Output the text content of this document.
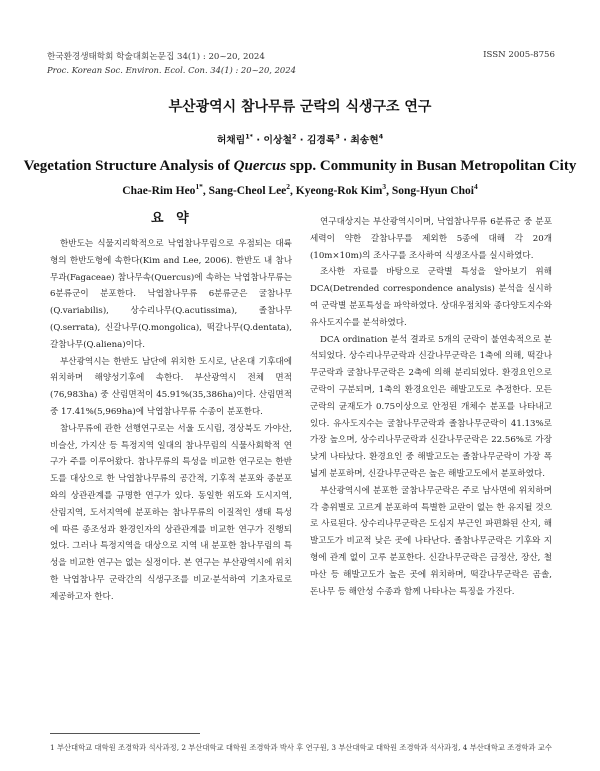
한국환경생태학회 학술대회논문집 34(1) : 20~20, 2024
Proc. Korean Soc. Environ. Ecol. Con. 34(1) : 20~20, 2024
ISSN 2005-8756
부산광역시 참나무류 군락의 식생구조 연구
허채림$^{1*}$ · 이상철$^2$ · 김경록$^3$ · 최송현$^4$
Vegetation Structure Analysis of Quercus spp. Community in Busan Metropolitan City
Chae-Rim Heo$^{1*}$, Sang-Cheol Lee$^2$, Kyeong-Rok Kim$^3$, Song-Hyun Choi$^4$
요 약

한반도는 식물지리학적으로 낙엽참나무림으로 우점되는 대륙형의 한반도형에 속한다(Kim and Lee, 2006). 한반도 내 참나무과(Fagaceae) 참나무속(Quercus)에 속하는 낙엽참나무류는 6분류군이 분포한다. 낙엽참나무류 6분류군은 굴참나무(Q.variabilis), 상수리나무(Q.acutissima), 졸참나무(Q.serrata), 신갈나무(Q.mongolica), 떡갈나무(Q.dentata), 갈참나무(Q.aliena)이다.

부산광역시는 한반도 남단에 위치한 도시로, 난온대 기후대에 위치하며 해양성기후에 속한다. 부산광역시 전체 면적(76,983ha) 중 산림면적이 45.91%(35,386ha)이다. 산림면적 중 17.41%(5,969ha)에 낙엽참나무류 수종이 분포한다.

참나무류에 관한 선행연구로는 서울 도시림, 경상북도 가야산, 비슬산, 가지산 등 특정지역 일대의 참나무림의 식물사회학적 연구가 주를 이루어왔다. 참나무류의 특성을 비교한 연구로는 한반도를 대상으로 한 낙엽참나무류의 공간적, 기후적 분포와 종분포와의 상관관계를 규명한 연구가 있다. 동일한 위도와 도시지역, 산림지역, 도서지역에 분포하는 참나무류의 이질적인 생태 특성에 따른 종조성과 환경인자의 상관관계를 비교한 연구가 진행되었다. 그러나 특정지역을 대상으로 지역 내 분포한 참나무림의 특성을 비교한 연구는 없는 실정이다. 본 연구는 부산광역시에 위치한 낙엽참나무 군락간의 식생구조를 비교·분석하여 기초자료로 제공하고자 한다.

연구대상지는 부산광역시이며, 낙엽참나무류 6분류군 중 분포 세력이 약한 갈참나무를 제외한 5종에 대해 각 20개(10m×10m)의 조사구를 조사하여 식생조사를 실시하였다.

조사한 자료를 바탕으로 군락별 특성을 알아보기 위해 DCA(Detrended correspondence analysis) 분석을 실시하여 군락별 분포특성을 파악하였다. 상대우점치와 종다양도지수와 유사도지수를 분석하였다.

DCA ordination 분석 결과로 5개의 군락이 불연속적으로 분석되었다. 상수리나무군락과 신갈나무군락은 1축에 의해, 떡갈나무군락과 굴참나무군락은 2축에 의해 분리되었다. 환경요인으로 군락이 구분되며, 1축의 환경요인은 해발고도로 추정한다. 모든 군락의 균재도가 0.75이상으로 안정된 개체수 분포를 나타내고 있다. 유사도지수는 굴참나무군락과 졸참나무군락이 41.13%로 가장 높으며, 상수리나무군락과 신갈나무군락은 22.56%로 가장 낮게 나타났다. 환경요인 중 해발고도는 졸참나무군락이 가장 폭넓게 분포하며, 신갈나무군락은 높은 해발고도에서 분포하였다.

부산광역시에 분포한 굴참나무군락은 주로 남사면에 위치하며 각 층위별로 고르게 분포하여 특별한 교란이 없는 한 유지될 것으로 사료된다. 상수리나무군락은 도심지 부근인 파편화된 산지, 해발고도가 비교적 낮은 곳에 나타난다. 졸참나무군락은 기후와 지형에 관계 없이 고루 분포한다. 신갈나무군락은 금정산, 장산, 철마산 등 해발고도가 높은 곳에 위치하며, 떡갈나무군락은 곰솔, 돈나무 등 해안성 수종과 함께 나타나는 특징을 가진다.

1 부산대학교 대학원 조경학과 석사과정, 2 부산대학교 대학원 조경학과 박사 후 연구원, 3 부산대학교 대학원 조경학과 석사과정, 4 부산대학교 조경학과 교수
